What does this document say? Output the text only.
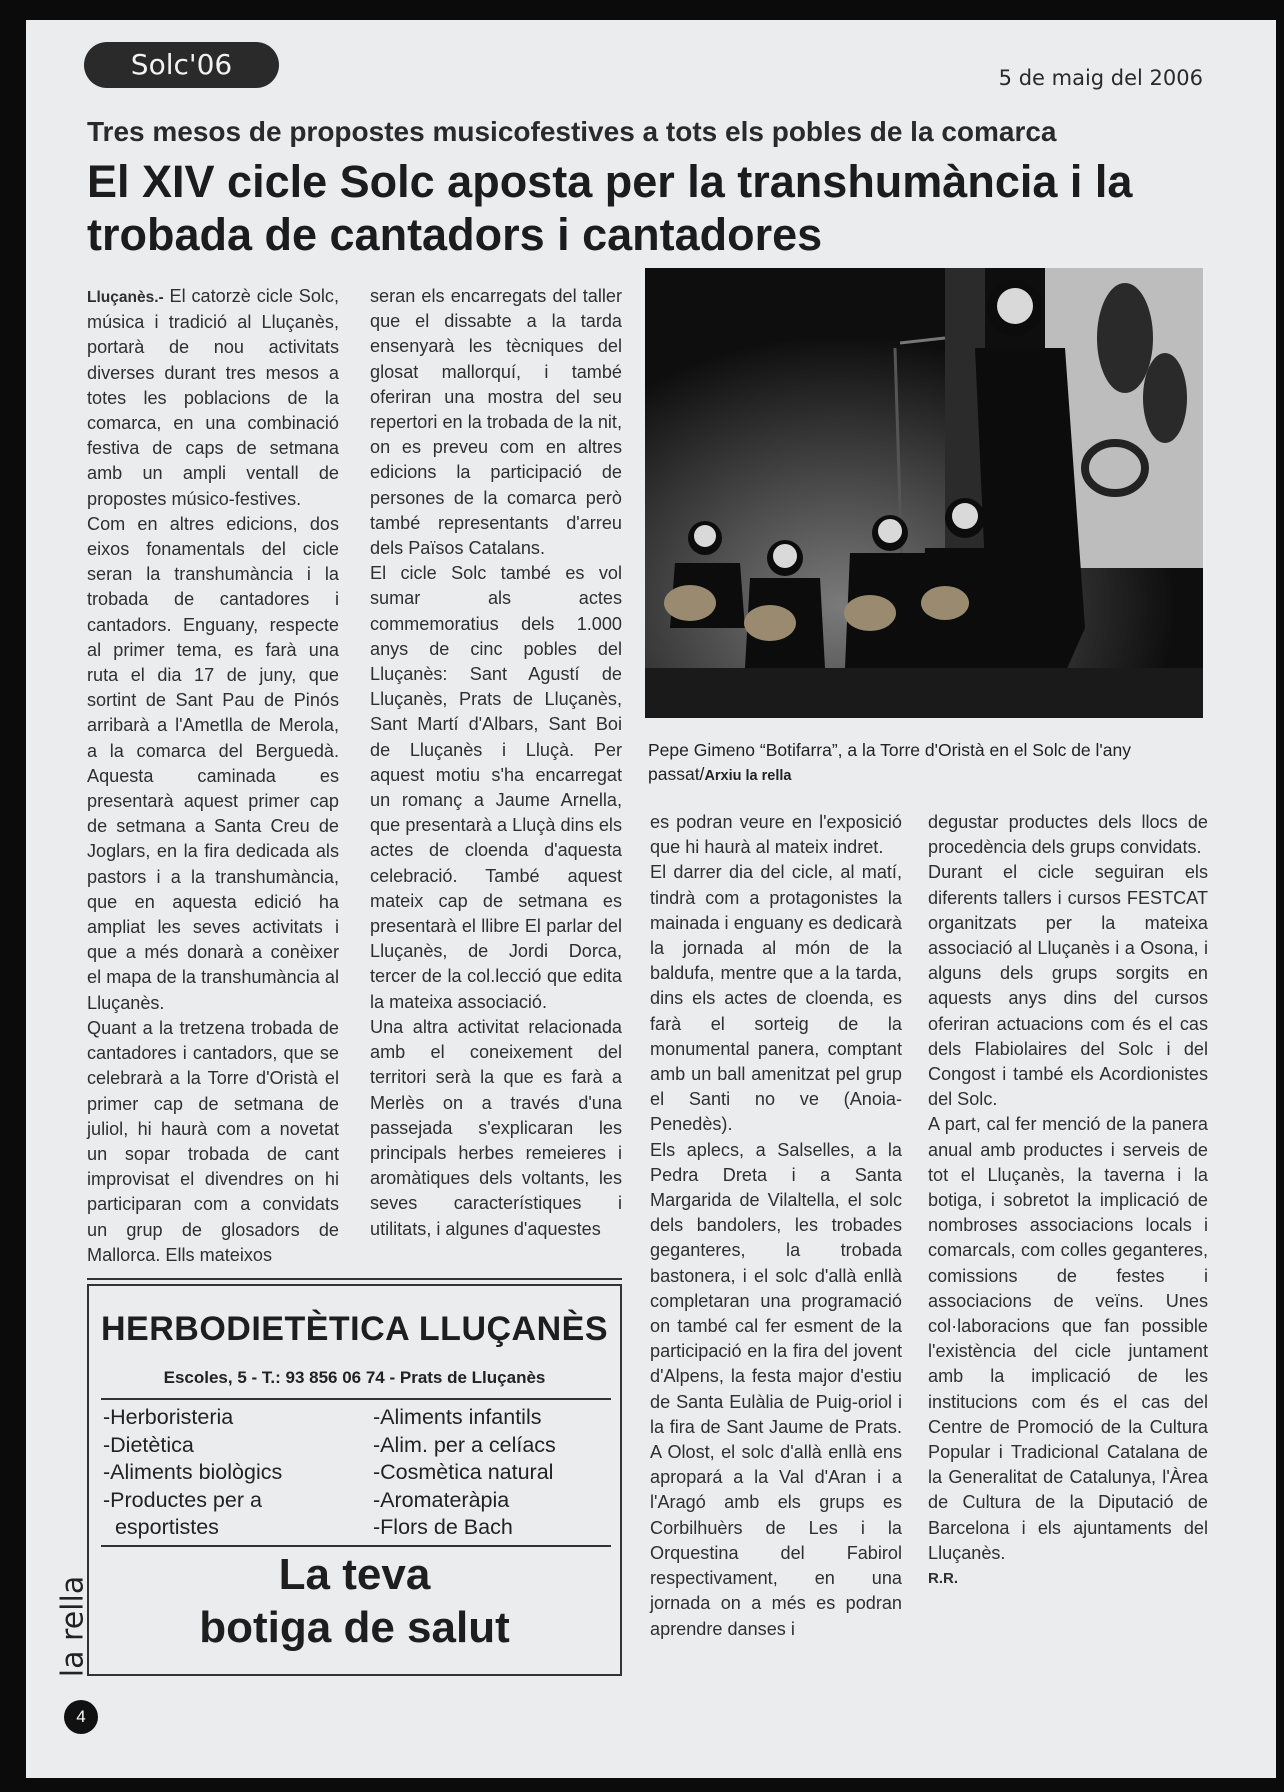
Solc'06	5 de maig del 2006
Tres mesos de propostes musicofestives a tots els pobles de la comarca
El XIV cicle Solc aposta per la transhumància i la trobada de cantadors i cantadores

Lluçanès.- El catorzè cicle Solc, música i tradició al Lluçanès, portarà de nou activitats diverses durant tres mesos a totes les poblacions de la comarca, en una combinació festiva de caps de setmana amb un ampli ventall de propostes músico-festives.

Com en altres edicions, dos eixos fonamentals del cicle seran la transhumància i la trobada de cantadores i cantadors. Enguany, respecte al primer tema, es farà una ruta el dia 17 de juny, que sortint de Sant Pau de Pinós arribarà a l'Ametlla de Merola, a la comarca del Berguedà. Aquesta caminada es presentarà aquest primer cap de setmana a Santa Creu de Joglars, en la fira dedicada als pastors i a la transhumància, que en aquesta edició ha ampliat les seves activitats i que a més donarà a conèixer el mapa de la transhumància al Lluçanès.

Quant a la tretzena trobada de cantadores i cantadors, que se celebrarà a la Torre d'Oristà el primer cap de setmana de juliol, hi haurà com a novetat un sopar trobada de cant improvisat el divendres on hi participaran com a convidats un grup de glosadors de Mallorca. Ells mateixos

seran els encarregats del taller que el dissabte a la tarda ensenyarà les tècniques del glosat mallorquí, i també oferiran una mostra del seu repertori en la trobada de la nit, on es preveu com en altres edicions la participació de persones de la comarca però també representants d'arreu dels Països Catalans.

El cicle Solc també es vol sumar als actes commemoratius dels 1.000 anys de cinc pobles del Lluçanès: Sant Agustí de Lluçanès, Prats de Lluçanès, Sant Martí d'Albars, Sant Boi de Lluçanès i Lluçà. Per aquest motiu s'ha encarregat un romanç a Jaume Arnella, que presentarà a Lluçà dins els actes de cloenda d'aquesta celebració. També aquest mateix cap de setmana es presentarà el llibre El parlar del Lluçanès, de Jordi Dorca, tercer de la col.lecció que edita la mateixa associació.

Una altra activitat relacionada amb el coneixement del territori serà la que es farà a Merlès on a través d'una passejada s'explicaran les principals herbes remeieres i aromàtiques dels voltants, les seves característiques i utilitats, i algunes d'aquestes

Pepe Gimeno “Botifarra”, a la Torre d'Oristà en el Solc de l'any passat/Arxiu la rella

es podran veure en l'exposició que hi haurà al mateix indret.

El darrer dia del cicle, al matí, tindrà com a protagonistes la mainada i enguany es dedicarà la jornada al món de la baldufa, mentre que a la tarda, dins els actes de cloenda, es farà el sorteig de la monumental panera, comptant amb un ball amenitzat pel grup el Santi no ve (Anoia-Penedès).

Els aplecs, a Salselles, a la Pedra Dreta i a Santa Margarida de Vilaltella, el solc dels bandolers, les trobades geganteres, la trobada bastonera, i el solc d'allà enllà completaran una programació on també cal fer esment de la participació en la fira del jovent d'Alpens, la festa major d'estiu de Santa Eulàlia de Puig-oriol i la fira de Sant Jaume de Prats. A Olost, el solc d'allà enllà ens apropará a la Val d'Aran i a l'Aragó amb els grups es Corbilhuèrs de Les i la Orquestina del Fabirol respectivament, en una jornada on a més es podran aprendre danses i

degustar productes dels llocs de procedència dels grups convidats.

Durant el cicle seguiran els diferents tallers i cursos FESTCAT organitzats per la mateixa associació al Lluçanès i a Osona, i alguns dels grups sorgits en aquests anys dins del cursos oferiran actuacions com és el cas dels Flabiolaires del Solc i del Congost i també els Acordionistes del Solc.

A part, cal fer menció de la panera anual amb productes i serveis de tot el Lluçanès, la taverna i la botiga, i sobretot la implicació de nombroses associacions locals i comarcals, com colles geganteres, comissions de festes i associacions de veïns. Unes col·laboracions que fan possible l'existència del cicle juntament amb la implicació de les institucions com és el cas del Centre de Promoció de la Cultura Popular i Tradicional Catalana de la Generalitat de Catalunya, l'Àrea de Cultura de la Diputació de Barcelona i els ajuntaments del Lluçanès.

R.R.

HERBODIETÈTICA LLUÇANÈS
Escoles, 5 - T.: 93 856 06 74 - Prats de Lluçanès
-Herboristeria
-Dietètica
-Aliments biològics
-Productes per a
esportistes
-Aliments infantils
-Alim. per a celíacs
-Cosmètica natural
-Aromateràpia
-Flors de Bach
La teva
botiga de salut
la rella
4
